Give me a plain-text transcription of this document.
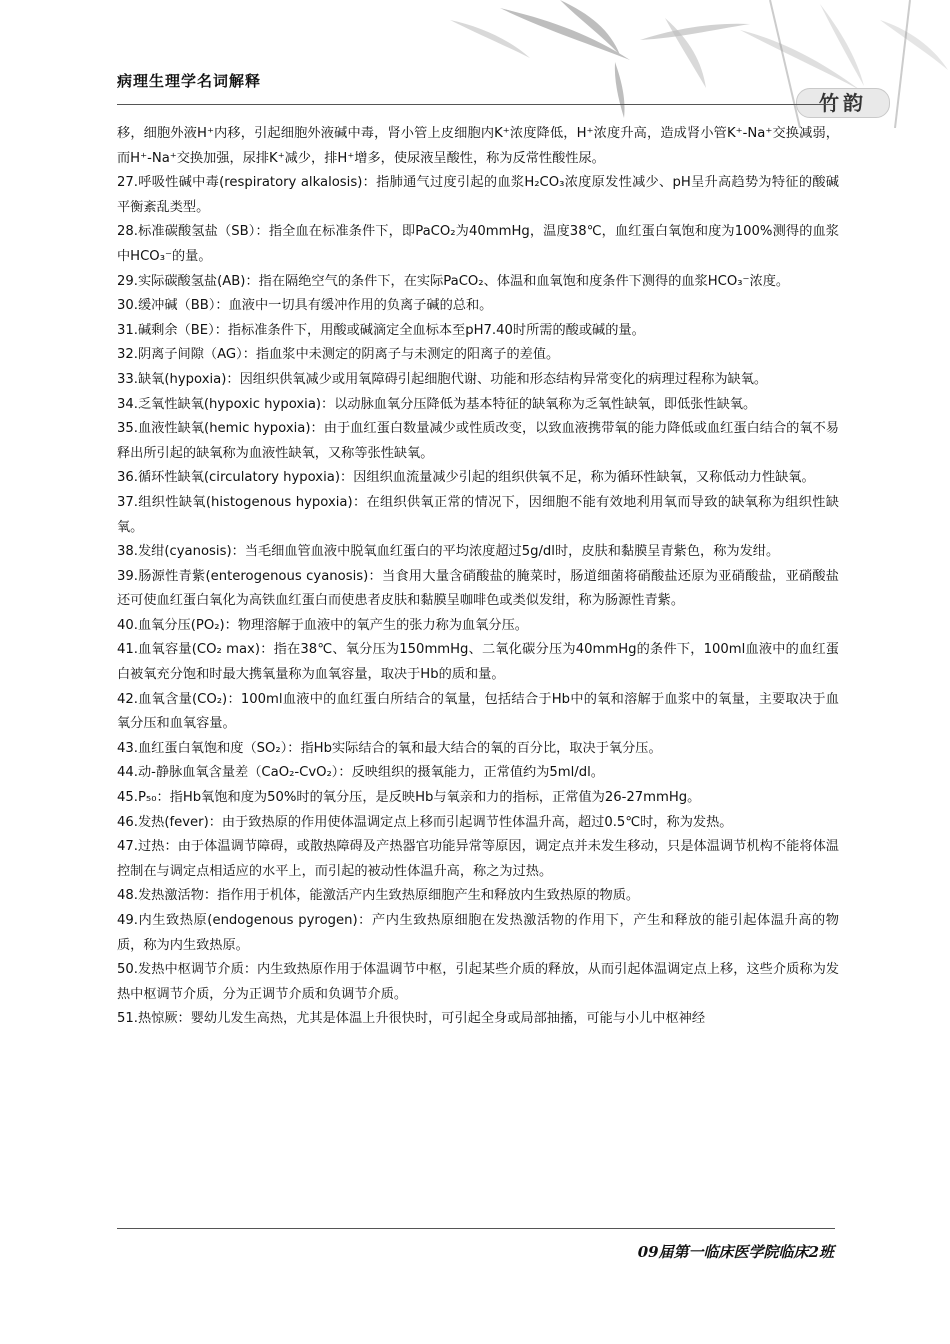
病理生理学名词解释
竹韵

移，细胞外液H⁺内移，引起细胞外液碱中毒，肾小管上皮细胞内K⁺浓度降低，H⁺浓度升高，造成肾小管K⁺-Na⁺交换减弱，而H⁺-Na⁺交换加强，尿排K⁺减少，排H⁺增多，使尿液呈酸性，称为反常性酸性尿。

27.呼吸性碱中毒(respiratory alkalosis)：指肺通气过度引起的血浆H₂CO₃浓度原发性减少、pH呈升高趋势为特征的酸碱平衡紊乱类型。

28.标准碳酸氢盐（SB）：指全血在标准条件下，即PaCO₂为40mmHg，温度38℃，血红蛋白氧饱和度为100%测得的血浆中HCO₃⁻的量。

29.实际碳酸氢盐(AB)：指在隔绝空气的条件下，在实际PaCO₂、体温和血氧饱和度条件下测得的血浆HCO₃⁻浓度。

30.缓冲碱（BB）：血液中一切具有缓冲作用的负离子碱的总和。

31.碱剩余（BE）：指标准条件下，用酸或碱滴定全血标本至pH7.40时所需的酸或碱的量。

32.阴离子间隙（AG）：指血浆中未测定的阴离子与未测定的阳离子的差值。

33.缺氧(hypoxia)：因组织供氧减少或用氧障碍引起细胞代谢、功能和形态结构异常变化的病理过程称为缺氧。

34.乏氧性缺氧(hypoxic hypoxia)：以动脉血氧分压降低为基本特征的缺氧称为乏氧性缺氧，即低张性缺氧。

35.血液性缺氧(hemic hypoxia)：由于血红蛋白数量减少或性质改变，以致血液携带氧的能力降低或血红蛋白结合的氧不易释出所引起的缺氧称为血液性缺氧，又称等张性缺氧。

36.循环性缺氧(circulatory hypoxia)：因组织血流量减少引起的组织供氧不足，称为循环性缺氧，又称低动力性缺氧。

37.组织性缺氧(histogenous hypoxia)：在组织供氧正常的情况下，因细胞不能有效地利用氧而导致的缺氧称为组织性缺氧。

38.发绀(cyanosis)：当毛细血管血液中脱氧血红蛋白的平均浓度超过5g/dl时，皮肤和黏膜呈青紫色，称为发绀。

39.肠源性青紫(enterogenous cyanosis)：当食用大量含硝酸盐的腌菜时，肠道细菌将硝酸盐还原为亚硝酸盐，亚硝酸盐还可使血红蛋白氧化为高铁血红蛋白而使患者皮肤和黏膜呈咖啡色或类似发绀，称为肠源性青紫。

40.血氧分压(PO₂)：物理溶解于血液中的氧产生的张力称为血氧分压。

41.血氧容量(CO₂ max)：指在38℃、氧分压为150mmHg、二氧化碳分压为40mmHg的条件下，100ml血液中的血红蛋白被氧充分饱和时最大携氧量称为血氧容量，取决于Hb的质和量。

42.血氧含量(CO₂)：100ml血液中的血红蛋白所结合的氧量，包括结合于Hb中的氧和溶解于血浆中的氧量，主要取决于血氧分压和血氧容量。

43.血红蛋白氧饱和度（SO₂）：指Hb实际结合的氧和最大结合的氧的百分比，取决于氧分压。

44.动-静脉血氧含量差（CaO₂-CvO₂）：反映组织的摄氧能力，正常值约为5ml/dl。

45.P₅₀：指Hb氧饱和度为50%时的氧分压，是反映Hb与氧亲和力的指标，正常值为26-27mmHg。

46.发热(fever)：由于致热原的作用使体温调定点上移而引起调节性体温升高，超过0.5℃时，称为发热。

47.过热：由于体温调节障碍，或散热障碍及产热器官功能异常等原因，调定点并未发生移动，只是体温调节机构不能将体温控制在与调定点相适应的水平上，而引起的被动性体温升高，称之为过热。

48.发热激活物：指作用于机体，能激活产内生致热原细胞产生和释放内生致热原的物质。

49.内生致热原(endogenous pyrogen)：产内生致热原细胞在发热激活物的作用下，产生和释放的能引起体温升高的物质，称为内生致热原。

50.发热中枢调节介质：内生致热原作用于体温调节中枢，引起某些介质的释放，从而引起体温调定点上移，这些介质称为发热中枢调节介质，分为正调节介质和负调节介质。

51.热惊厥：婴幼儿发生高热，尤其是体温上升很快时，可引起全身或局部抽搐，可能与小儿中枢神经

09届第一临床医学院临床2班
